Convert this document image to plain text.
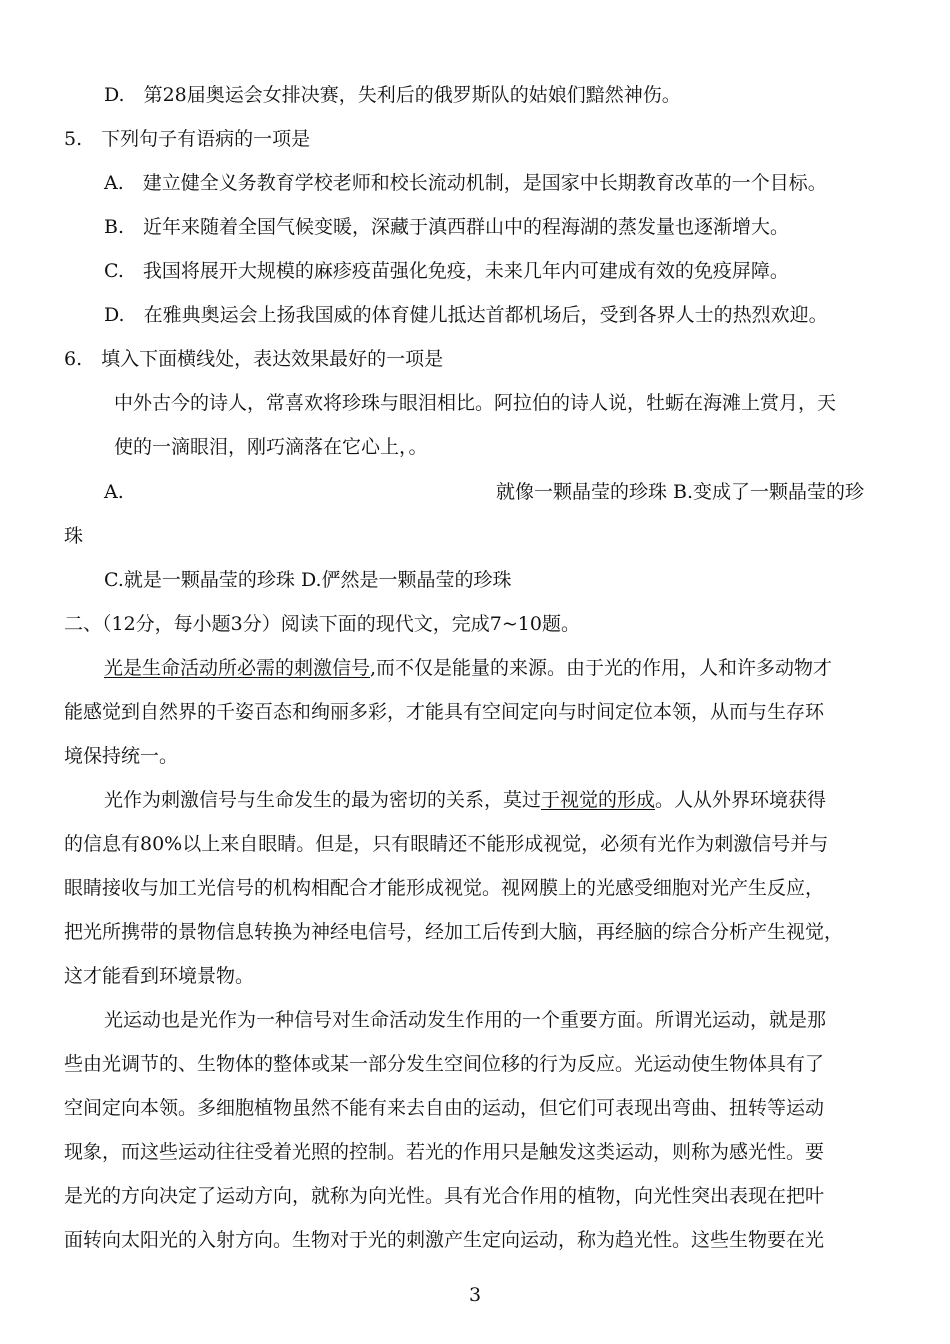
D.　第28届奥运会女排决赛，失利后的俄罗斯队的姑娘们黯然神伤。
5.　下列句子有语病的一项是
A.　建立健全义务教育学校老师和校长流动机制，是国家中长期教育改革的一个目标。
B.　近年来随着全国气候变暖，深藏于滇西群山中的程海湖的蒸发量也逐渐增大。
C.　我国将展开大规模的麻疹疫苗强化免疫，未来几年内可建成有效的免疫屏障。
D.　在雅典奥运会上扬我国威的体育健儿抵达首都机场后，受到各界人士的热烈欢迎。
6.　填入下面横线处，表达效果最好的一项是
中外古今的诗人，常喜欢将珍珠与眼泪相比。阿拉伯的诗人说，牡蛎在海滩上赏月，天
使的一滴眼泪，刚巧滴落在它心上，。
A.	就像一颗晶莹的珍珠 B.变成了一颗晶莹的珍
珠
C.就是一颗晶莹的珍珠 D.俨然是一颗晶莹的珍珠
二、（12分，每小题3分）阅读下面的现代文，完成7~10题。
光是生命活动所必需的刺激信号,而不仅是能量的来源。由于光的作用，人和许多动物才
能感觉到自然界的千姿百态和绚丽多彩，才能具有空间定向与时间定位本领，从而与生存环
境保持统一。
光作为刺激信号与生命发生的最为密切的关系，莫过于视觉的形成。人从外界环境获得
的信息有80%以上来自眼睛。但是，只有眼睛还不能形成视觉，必须有光作为刺激信号并与
眼睛接收与加工光信号的机构相配合才能形成视觉。视网膜上的光感受细胞对光产生反应，
把光所携带的景物信息转换为神经电信号，经加工后传到大脑，再经脑的综合分析产生视觉，
这才能看到环境景物。
光运动也是光作为一种信号对生命活动发生作用的一个重要方面。所谓光运动，就是那
些由光调节的、生物体的整体或某一部分发生空间位移的行为反应。光运动使生物体具有了
空间定向本领。多细胞植物虽然不能有来去自由的运动，但它们可表现出弯曲、扭转等运动
现象，而这些运动往往受着光照的控制。若光的作用只是触发这类运动，则称为感光性。要
是光的方向决定了运动方向，就称为向光性。具有光合作用的植物，向光性突出表现在把叶
面转向太阳光的入射方向。生物对于光的刺激产生定向运动，称为趋光性。这些生物要在光
3
